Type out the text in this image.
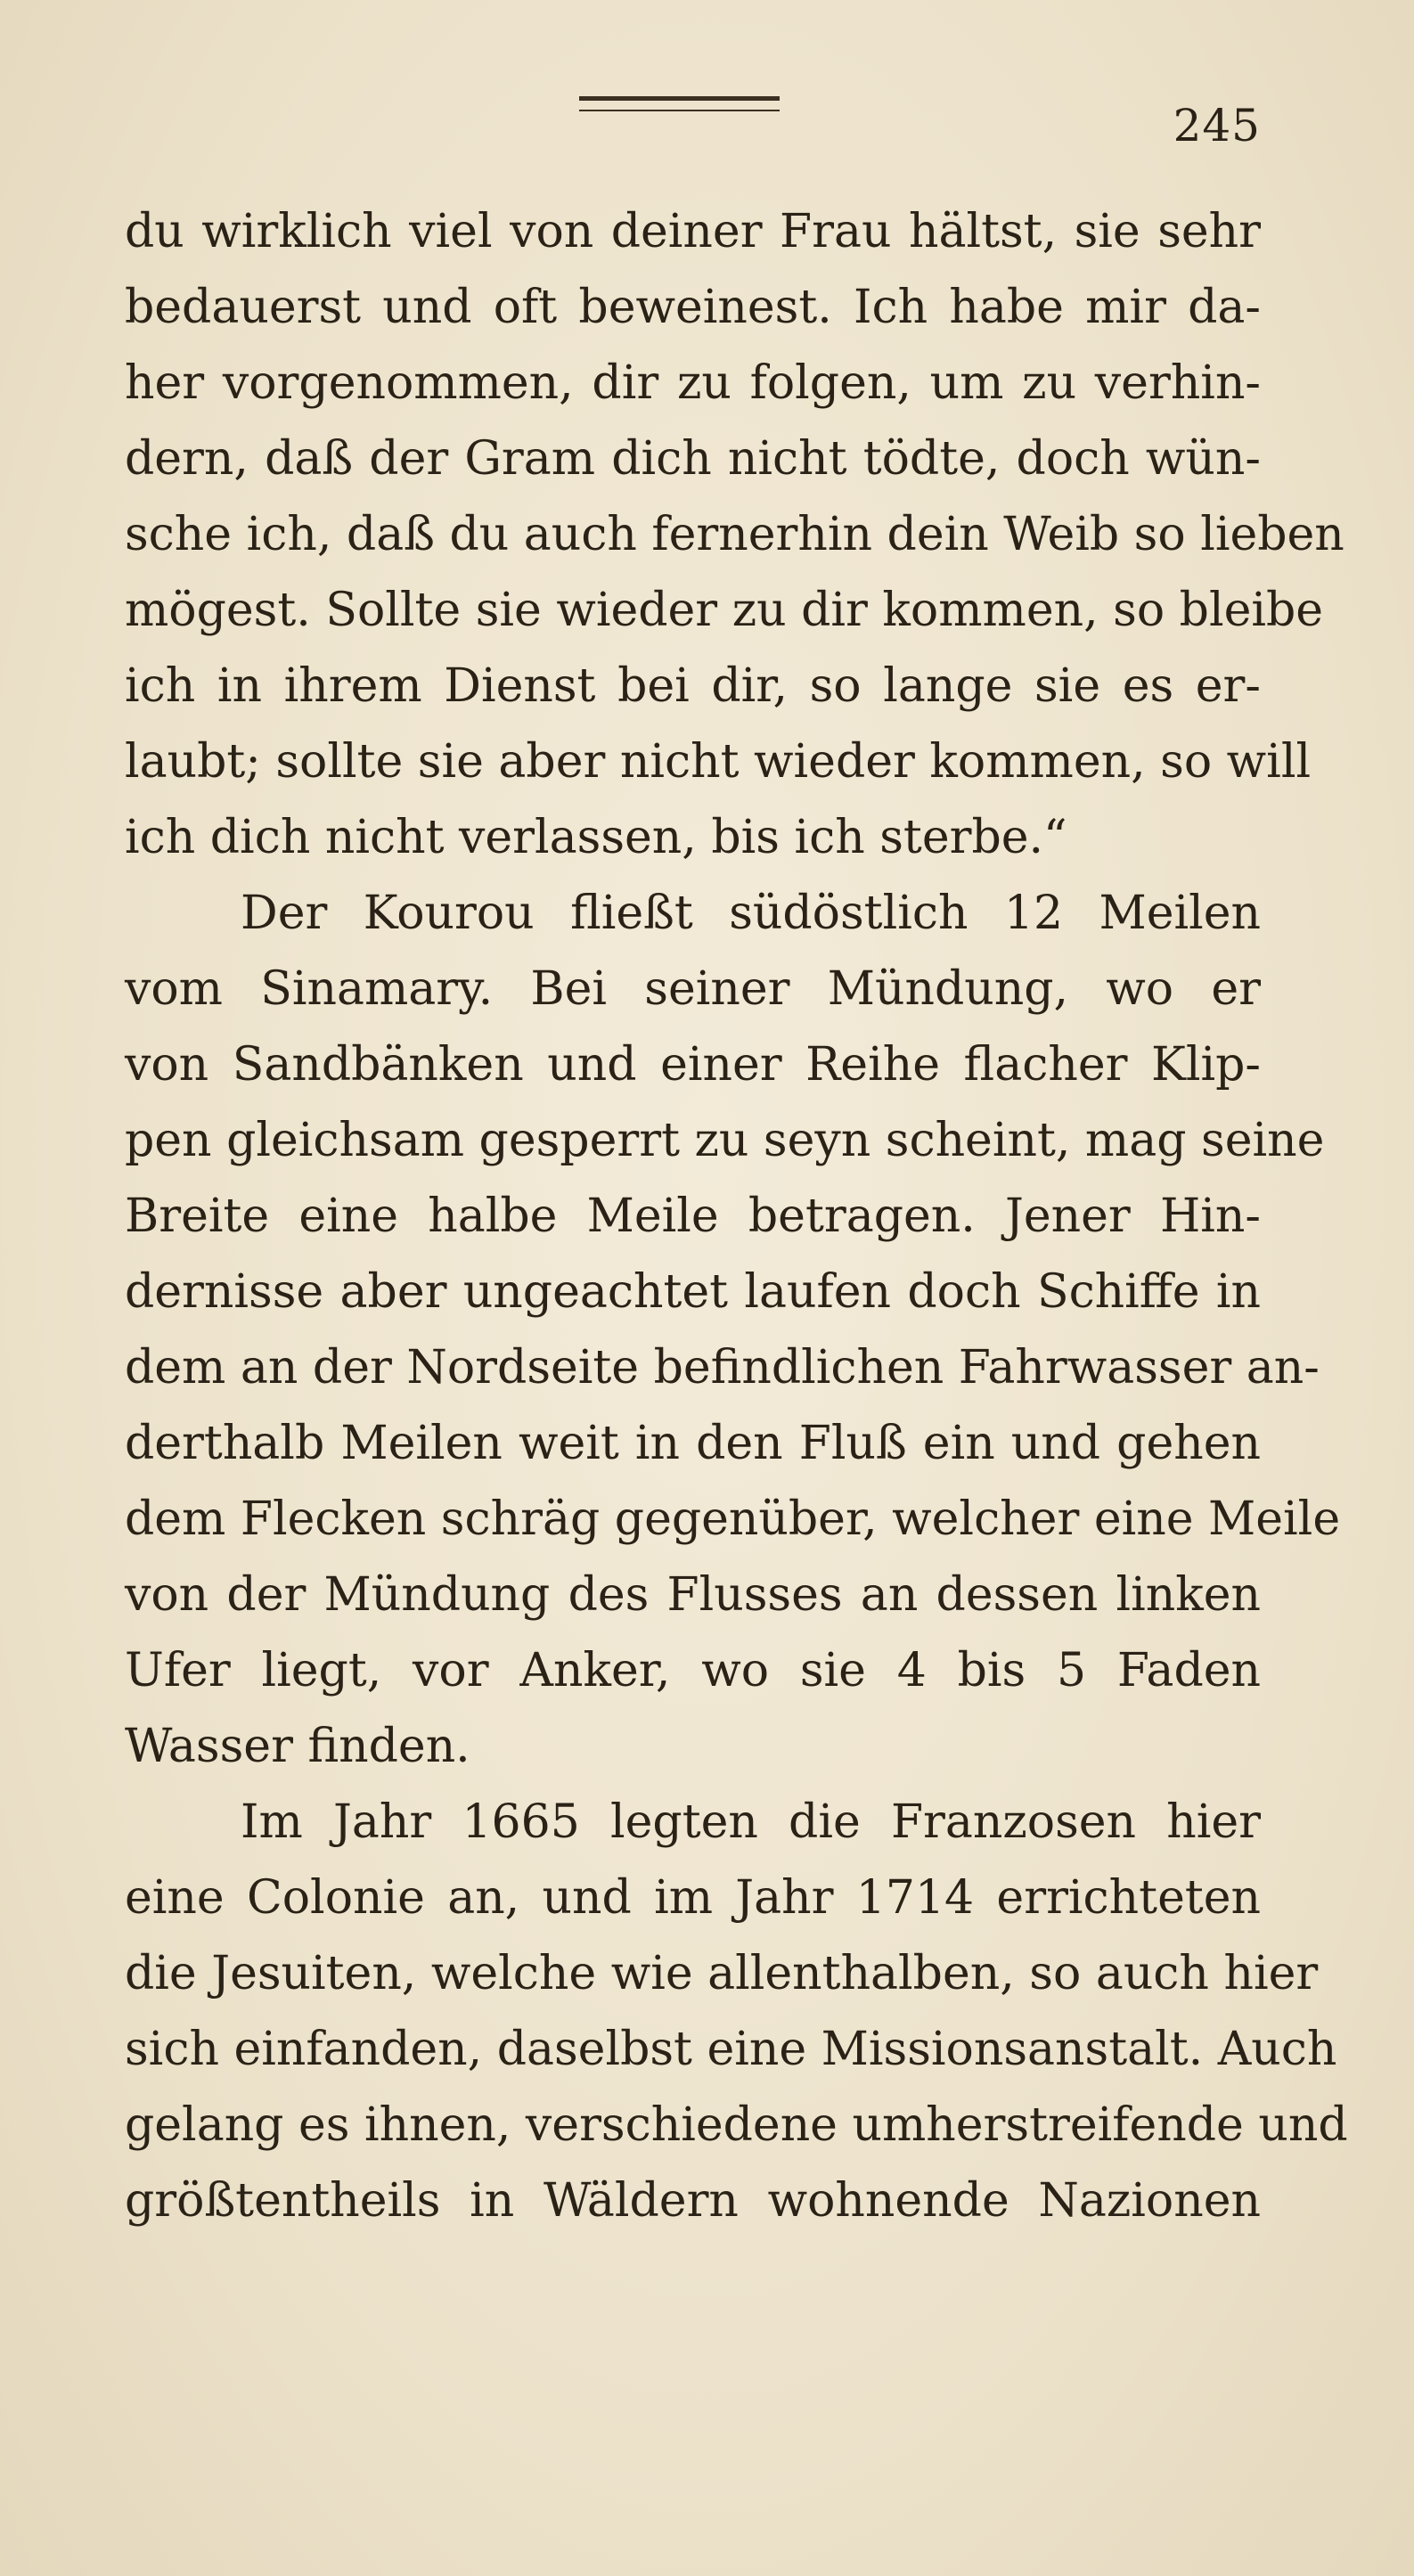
245
du wirklich viel von deiner Frau hältst, sie sehr
bedauerst und oft beweinest. Ich habe mir da-
her vorgenommen, dir zu folgen, um zu verhin-
dern, daß der Gram dich nicht tödte, doch wün-
sche ich, daß du auch fernerhin dein Weib so lieben
mögest. Sollte sie wieder zu dir kommen, so bleibe
ich in ihrem Dienst bei dir, so lange sie es er-
laubt; sollte sie aber nicht wieder kommen, so will
ich dich nicht verlassen, bis ich sterbe.“
Der Kourou fließt südöstlich 12 Meilen
vom Sinamary. Bei seiner Mündung, wo er
von Sandbänken und einer Reihe flacher Klip-
pen gleichsam gesperrt zu seyn scheint, mag seine
Breite eine halbe Meile betragen. Jener Hin-
dernisse aber ungeachtet laufen doch Schiffe in
dem an der Nordseite befindlichen Fahrwasser an-
derthalb Meilen weit in den Fluß ein und gehen
dem Flecken schräg gegenüber, welcher eine Meile
von der Mündung des Flusses an dessen linken
Ufer liegt, vor Anker, wo sie 4 bis 5 Faden
Wasser finden.
Im Jahr 1665 legten die Franzosen hier
eine Colonie an, und im Jahr 1714 errichteten
die Jesuiten, welche wie allenthalben, so auch hier
sich einfanden, daselbst eine Missionsanstalt. Auch
gelang es ihnen, verschiedene umherstreifende und
größtentheils in Wäldern wohnende Nazionen
